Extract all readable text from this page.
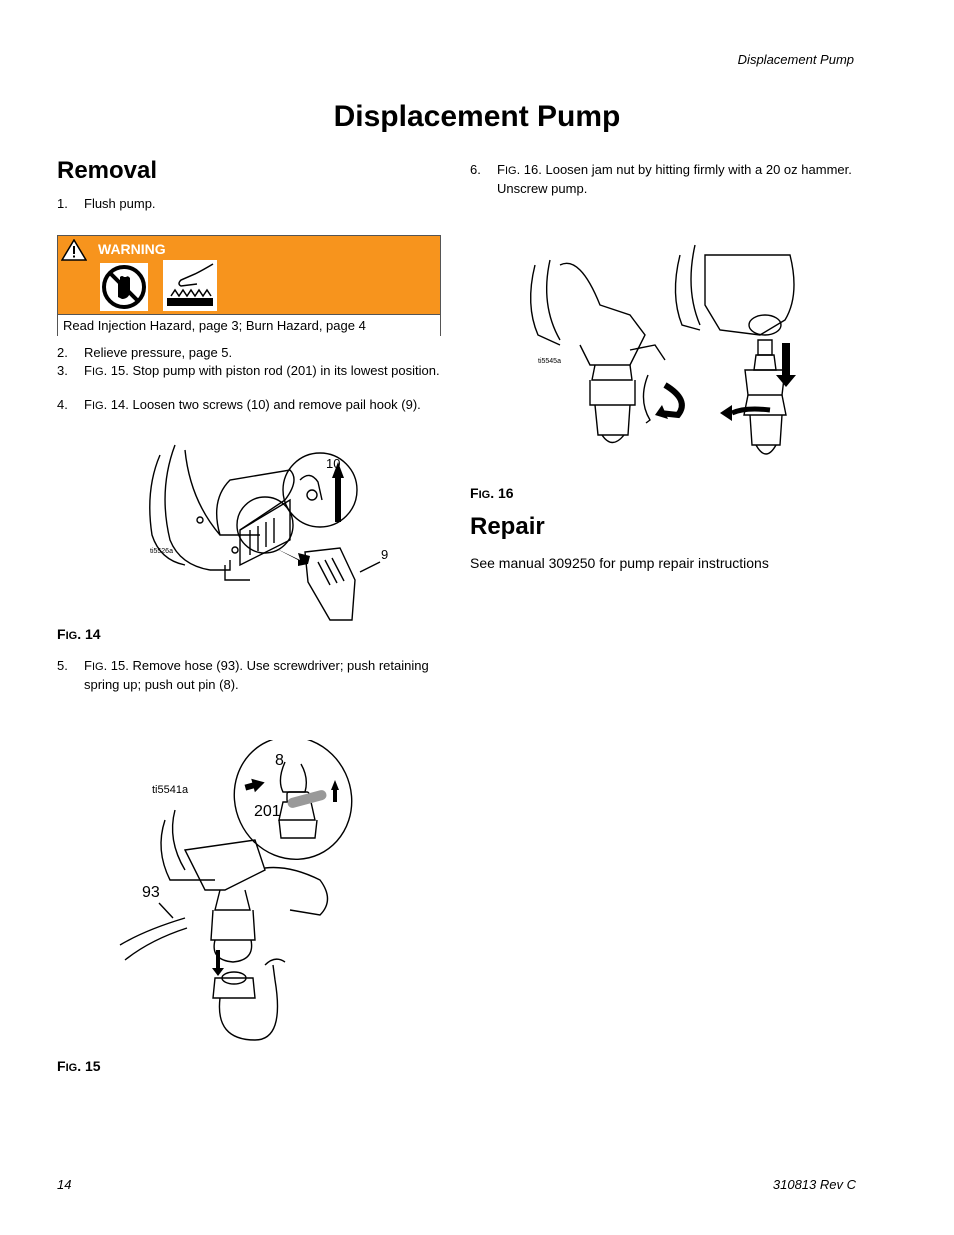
Displacement Pump
Displacement Pump
Removal
1. Flush pump.
WARNING
Read Injection Hazard, page 3; Burn Hazard, page 4
2. Relieve pressure, page 5.
3. FIG. 15. Stop pump with piston rod (201) in its lowest position.
4. FIG. 14. Loosen two screws (10) and remove pail hook (9).
ti5526a
10
9
FIG. 14
5. FIG. 15. Remove hose (93). Use screwdriver; push retaining spring up; push out pin (8).
ti5541a
8
201
93
FIG. 15
6. FIG. 16. Loosen jam nut by hitting firmly with a 20 oz hammer. Unscrew pump.
ti5545a
FIG. 16
Repair
See manual 309250 for pump repair instructions
14	310813 Rev C
